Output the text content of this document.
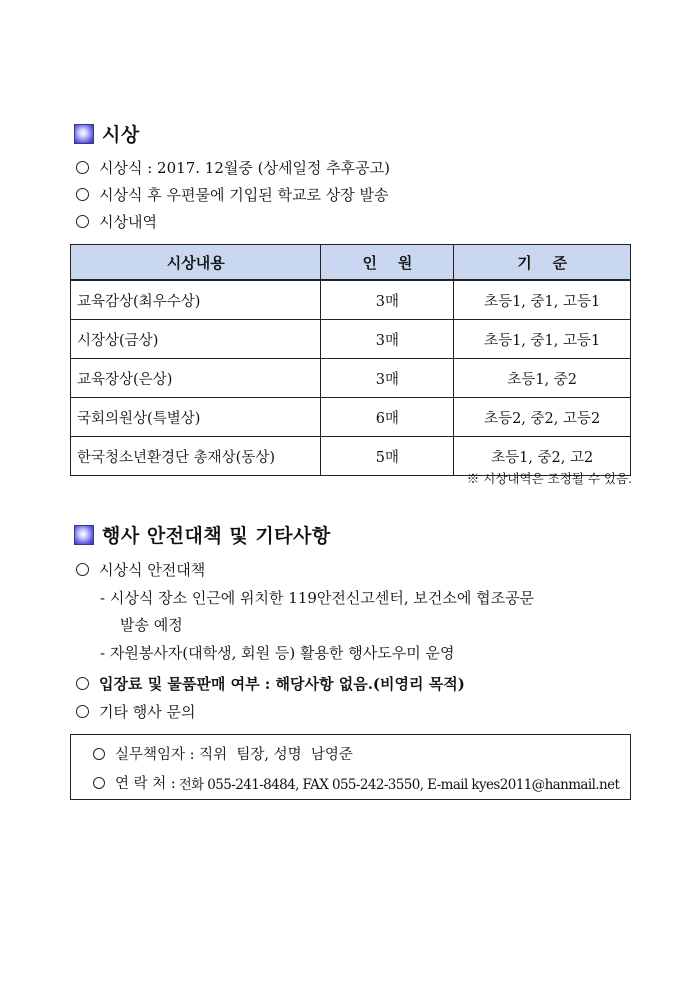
시상
시상식 : 2017. 12월중 (상세일정 추후공고)
시상식 후 우편물에 기입된 학교로 상장 발송
시상내역
시상내용	인    원	기    준
교육감상(최우수상)	3매	초등1, 중1, 고등1
시장상(금상)	3매	초등1, 중1, 고등1
교육장상(은상)	3매	초등1, 중2
국회의원상(특별상)	6매	초등2, 중2, 고등2
한국청소년환경단 총재상(동상)	5매	초등1, 중2, 고2
※ 시상내역은 조정될 수 있음.
행사 안전대책 및 기타사항
시상식 안전대책
- 시상식 장소 인근에 위치한 119안전신고센터, 보건소에 협조공문
발송 예정
- 자원봉사자(대학생, 회원 등) 활용한 행사도우미 운영
입장료 및 물품판매 여부 : 해당사항 없음.(비영리 목적)
기타 행사 문의
실무책임자 : 직위  팀장, 성명  남영준
연 락 처 : 전화 055-241-8484, FAX 055-242-3550, E-mail kyes2011@hanmail.net
